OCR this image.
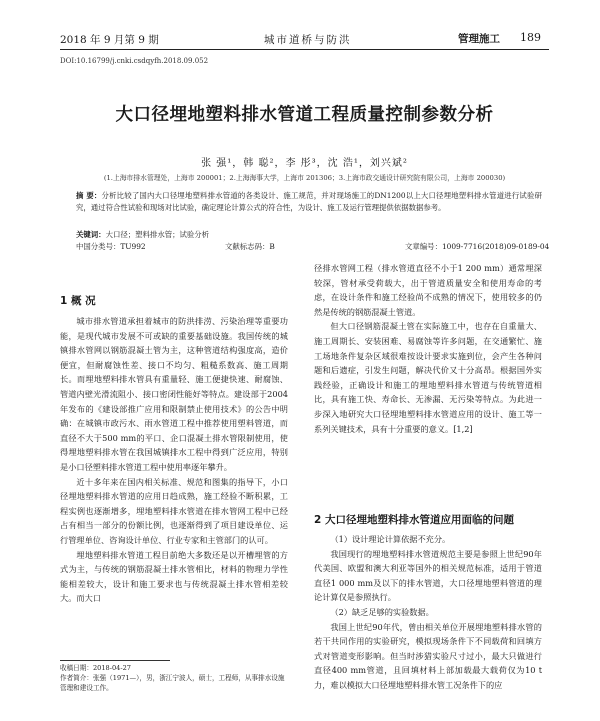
2018 年 9 月第 9 期	城市道桥与防洪	管理施工 189
DOI:10.16799/j.cnki.csdqyfh.2018.09.052
大口径埋地塑料排水管道工程质量控制参数分析
张 强¹，韩 聪²，李 彤³，沈 浩¹，刘兴斌²
(1.上海市排水管理处，上海市 200001；2.上海海事大学，上海市 201306；3.上海市政交通设计研究院有限公司，上海市 200030)
摘 要：分析比较了国内大口径埋地塑料排水管道的各类设计、施工规范，并对现场施工的DN1200以上大口径埋地塑料排水管道进行试验研究，通过符合性试验和现场对比试验，确定理论计算公式的符合性，为设计、施工及运行管理提供依据数据参考。
关键词：大口径；塑料排水管；试验分析
中国分类号：TU992	文献标志码：B	文章编号：1009-7716(2018)09-0189-04
1 概 况

城市排水管道承担着城市的防洪排涝、污染治理等重要功能，是现代城市发展不可或缺的重要基础设施。我国传统的城镇排水管网以钢筋混凝土管为主，这种管道结构强度高，造价便宜，但耐腐蚀性差、接口不均匀、粗糙系数高、施工周期长。而埋地塑料排水管具有重量轻、施工便捷快速、耐腐蚀、管道内壁光滑流阻小、接口密闭性能好等特点。建设部于2004年发布的《建设部推广应用和限制禁止使用技术》的公告中明确：在城镇市政污水、雨水管道工程中推荐使用塑料管道，而直径不大于500 mm的平口、企口混凝土排水管限制使用，使得埋地塑料排水管在我国城镇排水工程中得到广泛应用，特别是小口径塑料排水管道工程中使用率逐年攀升。

近十多年来在国内相关标准、规范和图集的指导下，小口径埋地塑料排水管道的应用日趋成熟，施工经验不断积累，工程实例也逐渐增多，埋地塑料排水管道在排水管网工程中已经占有相当一部分的份额比例，也逐渐得到了项目建设单位、运行管理单位、咨询设计单位、行业专家和主管部门的认可。

埋地塑料排水管道工程目前绝大多数还是以开槽埋管的方式为主，与传统的钢筋混凝土排水管相比，材料的物理力学性能相差较大，设计和施工要求也与传统混凝土排水管相差较大。而大口

收稿日期：2018-04-27
作者简介：张强（1971—），男，浙江宁波人，硕士，工程师，从事排水设施管理和建设工作。

径排水管网工程（排水管道直径不小于1 200 mm）通常埋深较深，管材承受荷载大，出于管道质量安全和使用寿命的考虑，在设计条件和施工经验尚不成熟的情况下，使用较多的仍然是传统的钢筋混凝土管道。

但大口径钢筋混凝土管在实际施工中，也存在自重量大、施工周期长、安装困难、易腐蚀等许多问题，在交通繁忙、施工场地条件复杂区域很难按设计要求实施到位，会产生各种问题和后遗症，引发生问题，解决代价又十分高昂。根据国外实践经验，正确设计和施工的埋地塑料排水管道与传统管道相比，具有施工快、寿命长、无渗漏、无污染等特点。为此进一步深入地研究大口径埋地塑料排水管道应用的设计、施工等一系列关键技术，具有十分重要的意义。[1,2]

2 大口径埋地塑料排水管道应用面临的问题

（1）设计理论计算依据不充分。

我国现行的埋地塑料排水管道规范主要是参照上世纪90年代美国、欧盟和澳大利亚等国外的相关规范标准，适用于管道直径1 000 mm及以下的排水管道，大口径埋地塑料管道的理论计算仅是参照执行。

（2）缺乏足够的实验数据。

我国上世纪90年代，曾由相关单位开展埋地塑料排水管的若干共同作用的实验研究，模拟现场条件下不同载荷和回填方式对管道变形影响。但当时涉猎实验尺寸过小，最大只做进行直径400 mm管道，且回填材料上部加载最大载荷仅为10 t力，难以模拟大口径埋地塑料排水管工况条件下的应
